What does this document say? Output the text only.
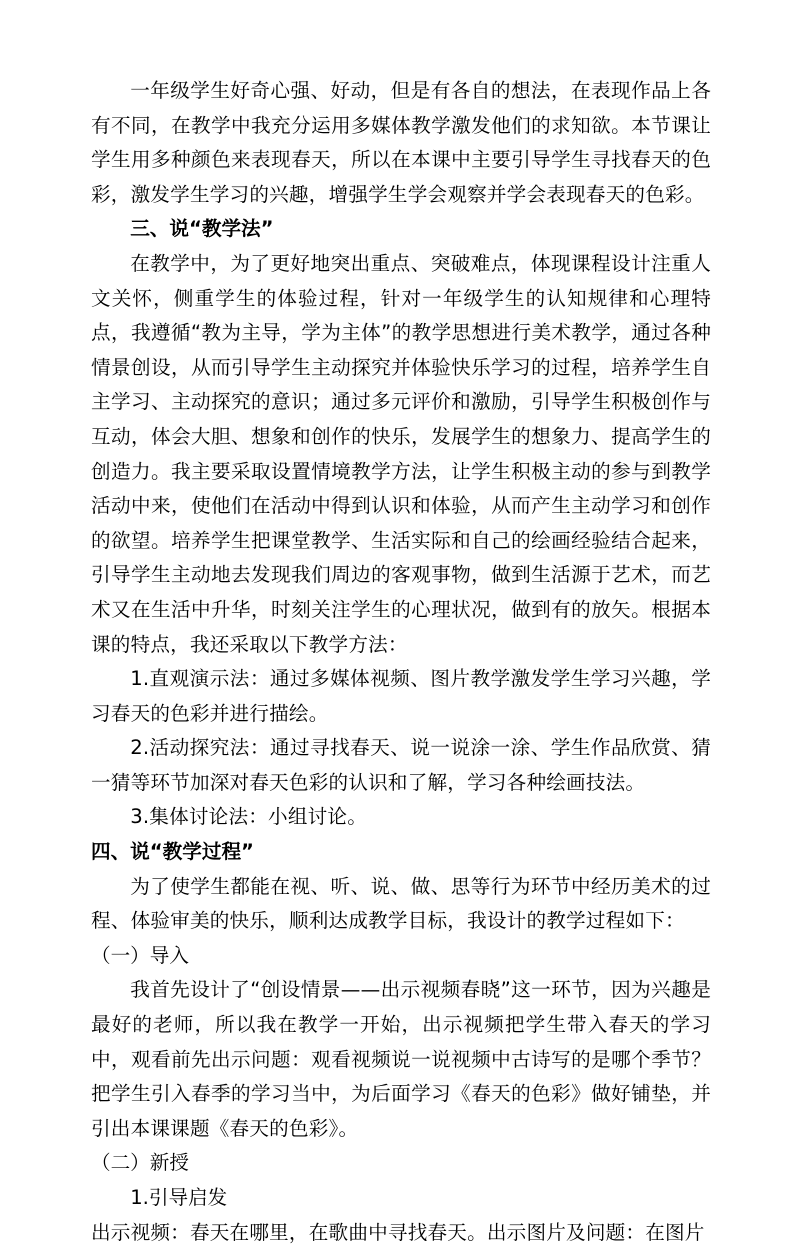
一年级学生好奇心强、好动，但是有各自的想法，在表现作品上各有不同，在教学中我充分运用多媒体教学激发他们的求知欲。本节课让学生用多种颜色来表现春天，所以在本课中主要引导学生寻找春天的色彩，激发学生学习的兴趣，增强学生学会观察并学会表现春天的色彩。

三、说“教学法”

在教学中，为了更好地突出重点、突破难点，体现课程设计注重人文关怀，侧重学生的体验过程，针对一年级学生的认知规律和心理特点，我遵循“教为主导，学为主体”的教学思想进行美术教学，通过各种情景创设，从而引导学生主动探究并体验快乐学习的过程，培养学生自主学习、主动探究的意识；通过多元评价和激励，引导学生积极创作与互动，体会大胆、想象和创作的快乐，发展学生的想象力、提高学生的创造力。我主要采取设置情境教学方法，让学生积极主动的参与到教学活动中来，使他们在活动中得到认识和体验，从而产生主动学习和创作的欲望。培养学生把课堂教学、生活实际和自己的绘画经验结合起来，引导学生主动地去发现我们周边的客观事物，做到生活源于艺术，而艺术又在生活中升华，时刻关注学生的心理状况，做到有的放矢。根据本课的特点，我还采取以下教学方法：

1.直观演示法：通过多媒体视频、图片教学激发学生学习兴趣，学习春天的色彩并进行描绘。

2.活动探究法：通过寻找春天、说一说涂一涂、学生作品欣赏、猜一猜等环节加深对春天色彩的认识和了解，学习各种绘画技法。

3.集体讨论法：小组讨论。

四、说“教学过程”

为了使学生都能在视、听、说、做、思等行为环节中经历美术的过程、体验审美的快乐，顺利达成教学目标，我设计的教学过程如下：

（一）导入

我首先设计了“创设情景——出示视频春晓”这一环节，因为兴趣是最好的老师，所以我在教学一开始，出示视频把学生带入春天的学习中，观看前先出示问题：观看视频说一说视频中古诗写的是哪个季节？把学生引入春季的学习当中，为后面学习《春天的色彩》做好铺垫，并引出本课课题《春天的色彩》。

（二）新授

1.引导启发

出示视频：春天在哪里，在歌曲中寻找春天。出示图片及问题：在图片
